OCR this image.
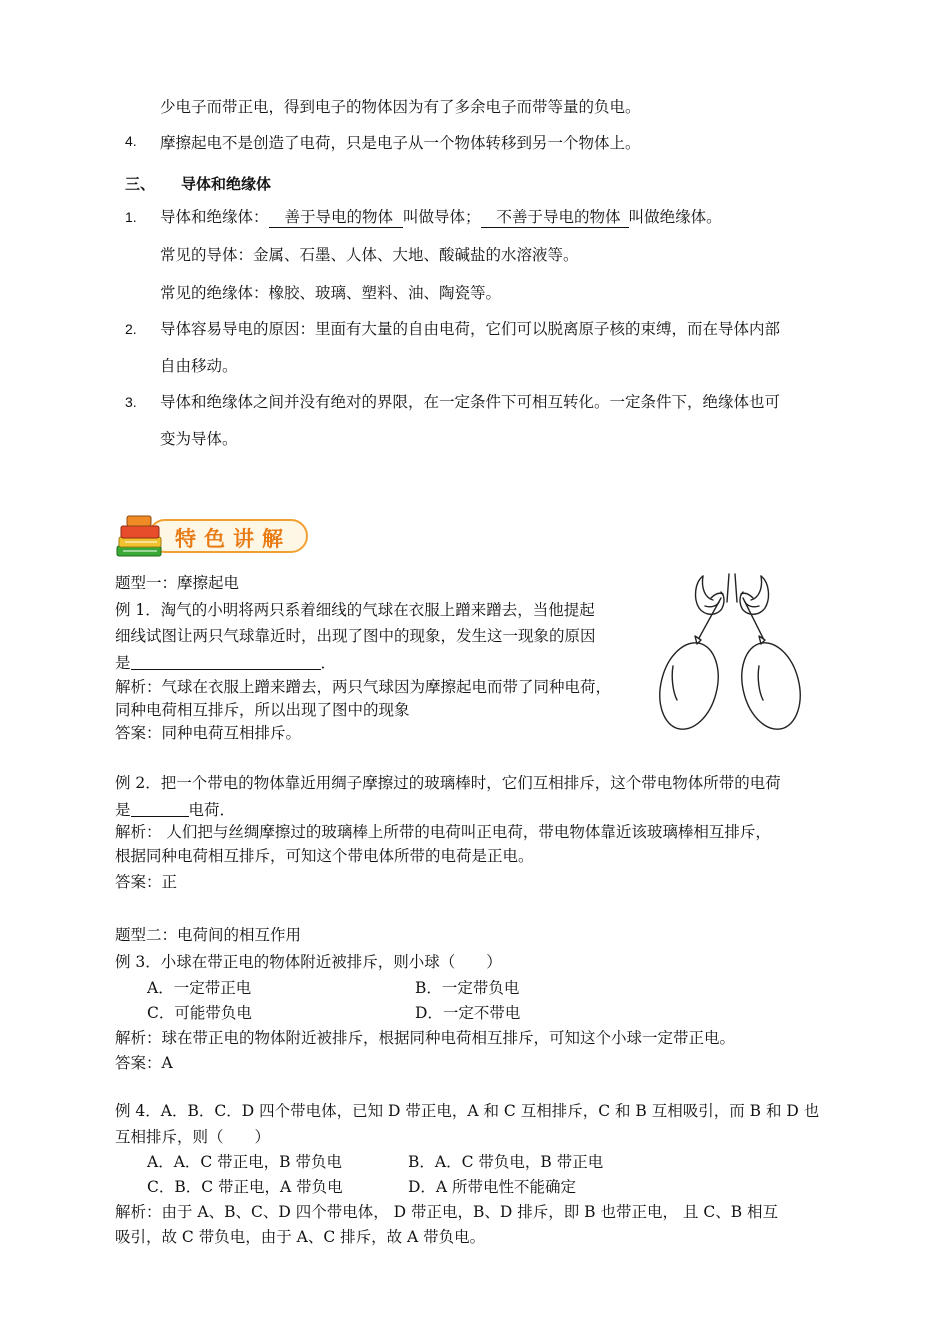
少电子而带正电，得到电子的物体因为有了多余电子而带等量的负电。
4. 摩擦起电不是创造了电荷，只是电子从一个物体转移到另一个物体上。
三、 导体和绝缘体
1. 导体和绝缘体： 善于导电的物体 叫做导体； 不善于导电的物体 叫做绝缘体。
常见的导体：金属、石墨、人体、大地、酸碱盐的水溶液等。
常见的绝缘体：橡胶、玻璃、塑料、油、陶瓷等。
2. 导体容易导电的原因：里面有大量的自由电荷，它们可以脱离原子核的束缚，而在导体内部
自由移动。
3. 导体和绝缘体之间并没有绝对的界限，在一定条件下可相互转化。一定条件下，绝缘体也可
变为导体。
特色讲解
题型一：摩擦起电
例 1．淘气的小明将两只系着细线的气球在衣服上蹭来蹭去，当他提起
细线试图让两只气球靠近时，出现了图中的现象，发生这一现象的原因
是	．
解析：气球在衣服上蹭来蹭去，两只气球因为摩擦起电而带了同种电荷，
同种电荷相互排斥，所以出现了图中的现象
答案：同种电荷互相排斥。
例 2．把一个带电的物体靠近用绸子摩擦过的玻璃棒时，它们互相排斥，这个带电物体所带的电荷
是	电荷．
解析： 人们把与丝绸摩擦过的玻璃棒上所带的电荷叫正电荷，带电物体靠近该玻璃棒相互排斥，
根据同种电荷相互排斥，可知这个带电体所带的电荷是正电。
答案：正
题型二：电荷间的相互作用
例 3．小球在带正电的物体附近被排斥，则小球（　　）
A．一定带正电	B．一定带负电
C．可能带负电	D．一定不带电
解析：球在带正电的物体附近被排斥，根据同种电荷相互排斥，可知这个小球一定带正电。
答案：A
例 4．A．B．C．D 四个带电体，已知 D 带正电，A 和 C 互相排斥，C 和 B 互相吸引，而 B 和 D 也
互相排斥，则（　　）
A．A．C 带正电，B 带负电	B．A．C 带负电，B 带正电
C．B．C 带正电，A 带负电	D．A 所带电性不能确定
解析：由于 A、B、C、D 四个带电体， D 带正电，B、D 排斥，即 B 也带正电， 且 C、B 相互
吸引，故 C 带负电，由于 A、C 排斥，故 A 带负电。
